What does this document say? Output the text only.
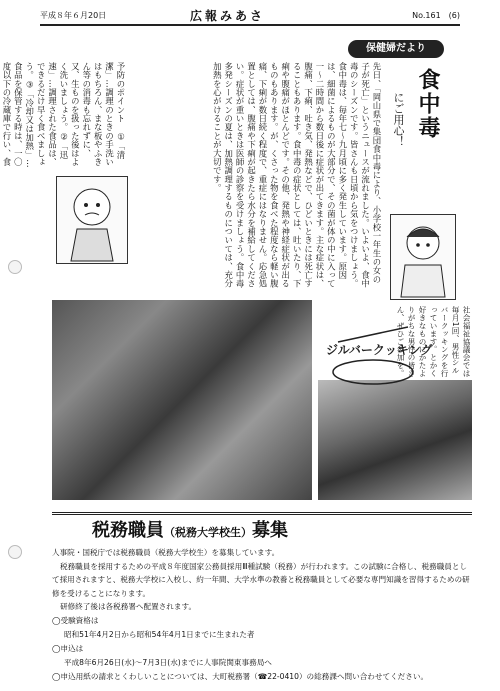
平成８年６月20日	広報みあさ	No.161　(6)
保健婦だより
食中毒
にご用心！
先日、「岡山県で集団食中毒により、小学校一年生の女の子が死亡」というニュースが流れました。いよいよ、食中毒のシーズンです。皆さんも日頃から気をつけましょう。食中毒は、毎年七〜九月頃に多く発生しています。原因は、細菌によるものが大部分で、その菌が体の中に入って一〜二時間から数日後に症状が出てきます。主な症状は、腹痛、下痢、吐き気、発熱などで、ひどいときには死亡することもあります。食中毒の症状としては、吐いたり、下痢や腹痛がほとんどです。その他、発熱や神経症状が出るものもあります。が、くさった物を食べた程度なら軽い腹痛、下痢が数日続く程度で、重症にはなりません。応急処置としては、腹痛や下痢が起きたら水分を補給してください。症状が重いときは医師の診察を受けましょう。食中毒多発シーズンの夏は、加熱調理するものについては、充分加熱を心がけることが大切です。
予防のポイント　①「清潔」…調理のときの手洗いはもちろん、まな板やふきん等の消毒も忘れずに、又、生ものを扱った後はよく洗いましょう。②「迅速」…調理された食品は、できるだけ早く食べましょう。③「冷却又は加熱」…食品を保管する時は、一〇度以下の冷蔵庫で行い、食
ジルバークッキング	社会福祉協議会では毎月1回、男性シルバークッキングを行っています。とかく好きなものにかたよりがちな男性の皆さん、ぜひご参加を。
税務職員（税務大学校生）募集
人事院・国税庁では税務職員（税務大学校生）を募集しています。
税務職員を採用するための平成８年度国家公務員採用Ⅲ種試験（税務）が行われます。この試験に合格し、税務職員として採用されますと、税務大学校に入校し、約一年間、大学水準の教養と税務職員として必要な専門知識を習得するための研修を受けることになります。
研修終了後は各税務署へ配置されます。
◯受験資格は
昭和51年4月2日から昭和54年4月1日までに生まれた者
◯申込は
平成8年6月26日(水)〜7月3日(水)までに人事院関東事務局へ
◯申込用紙の請求とくわしいことについては、大町税務署（☎22-0410）の総務課へ問い合わせてください。
